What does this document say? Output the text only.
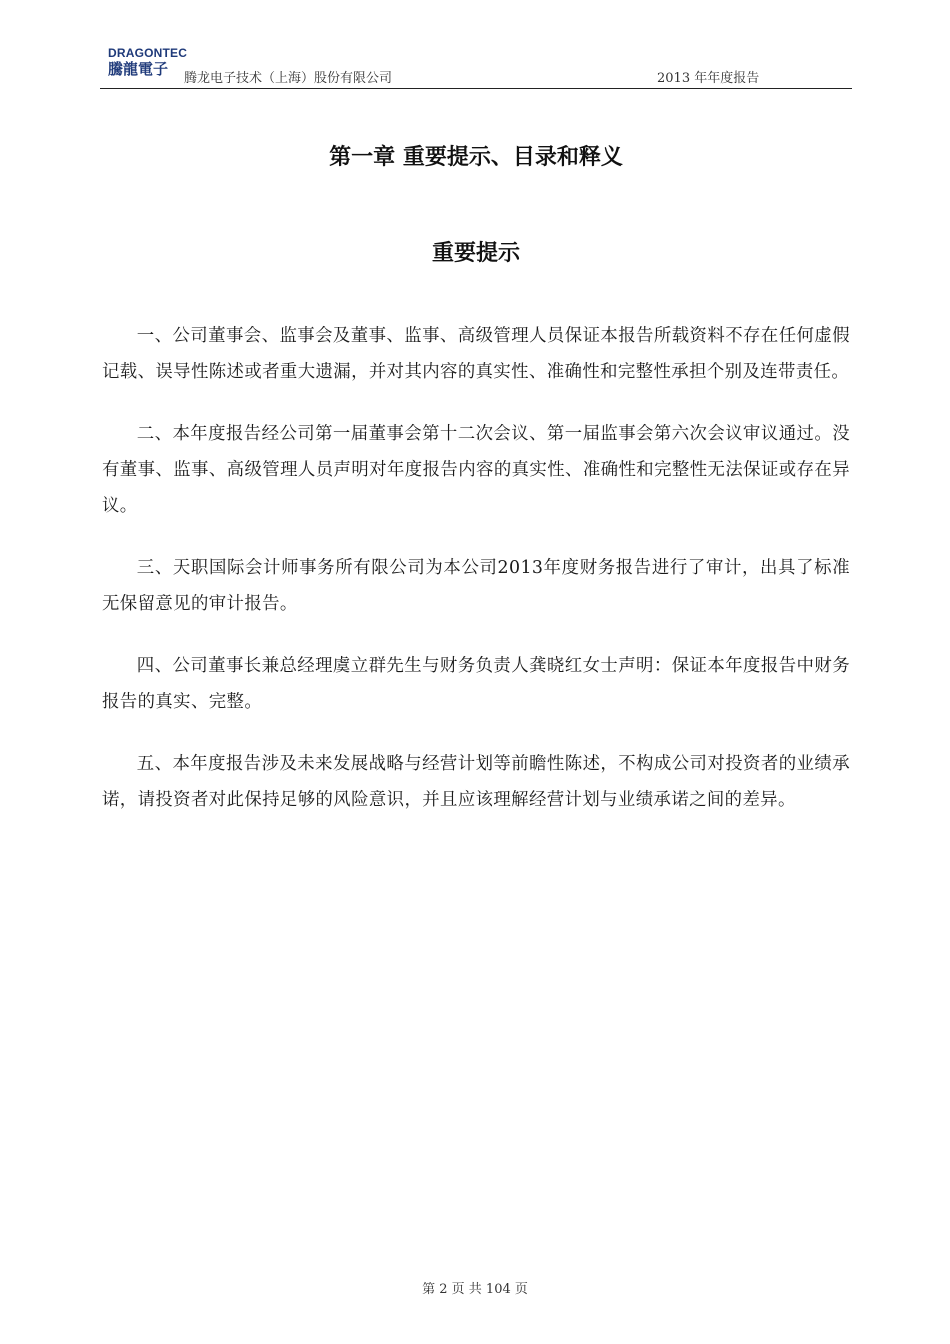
DRAGONTEC
騰龍電子
腾龙电子技术（上海）股份有限公司	2013 年年度报告
第一章 重要提示、目录和释义
重要提示

一、公司董事会、监事会及董事、监事、高级管理人员保证本报告所载资料不存在任何虚假记载、误导性陈述或者重大遗漏，并对其内容的真实性、准确性和完整性承担个别及连带责任。

二、本年度报告经公司第一届董事会第十二次会议、第一届监事会第六次会议审议通过。没有董事、监事、高级管理人员声明对年度报告内容的真实性、准确性和完整性无法保证或存在异议。

三、天职国际会计师事务所有限公司为本公司2013年度财务报告进行了审计，出具了标准无保留意见的审计报告。

四、公司董事长兼总经理虞立群先生与财务负责人龚晓红女士声明：保证本年度报告中财务报告的真实、完整。

五、本年度报告涉及未来发展战略与经营计划等前瞻性陈述，不构成公司对投资者的业绩承诺，请投资者对此保持足够的风险意识，并且应该理解经营计划与业绩承诺之间的差异。

第 2 页 共 104 页
